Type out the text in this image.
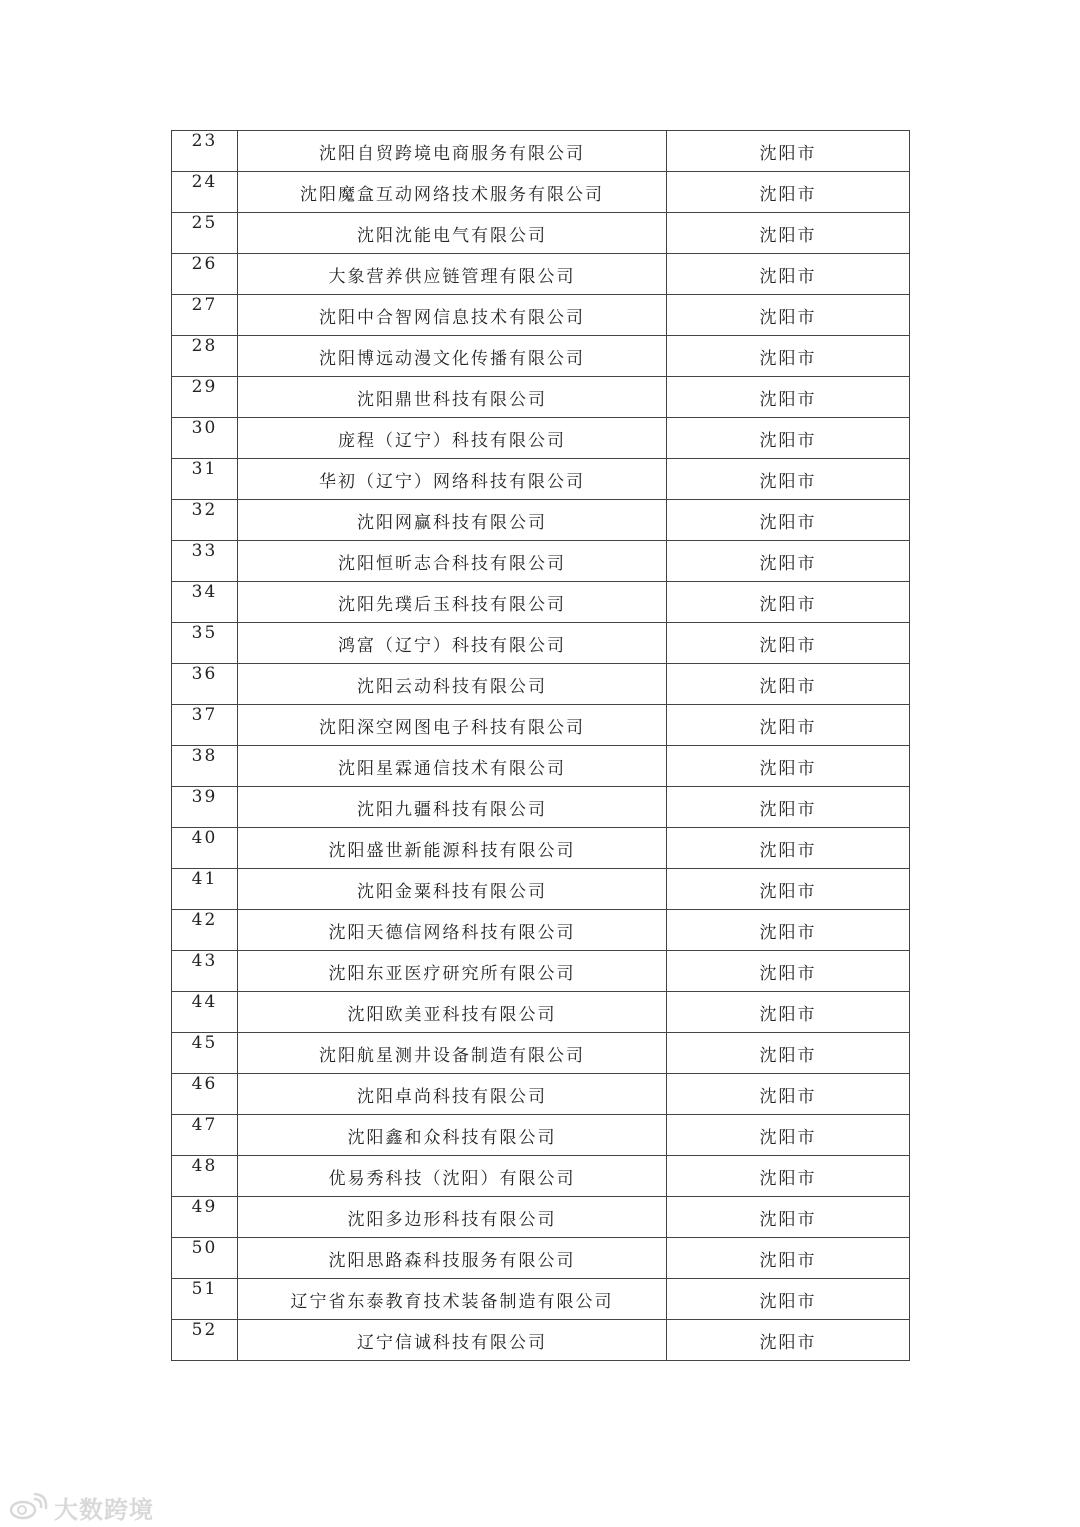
23	沈阳自贸跨境电商服务有限公司	沈阳市
24	沈阳魔盒互动网络技术服务有限公司	沈阳市
25	沈阳沈能电气有限公司	沈阳市
26	大象营养供应链管理有限公司	沈阳市
27	沈阳中合智网信息技术有限公司	沈阳市
28	沈阳博远动漫文化传播有限公司	沈阳市
29	沈阳鼎世科技有限公司	沈阳市
30	庞程（辽宁）科技有限公司	沈阳市
31	华初（辽宁）网络科技有限公司	沈阳市
32	沈阳网赢科技有限公司	沈阳市
33	沈阳恒昕志合科技有限公司	沈阳市
34	沈阳先璞后玉科技有限公司	沈阳市
35	鸿富（辽宁）科技有限公司	沈阳市
36	沈阳云动科技有限公司	沈阳市
37	沈阳深空网图电子科技有限公司	沈阳市
38	沈阳星霖通信技术有限公司	沈阳市
39	沈阳九疆科技有限公司	沈阳市
40	沈阳盛世新能源科技有限公司	沈阳市
41	沈阳金粟科技有限公司	沈阳市
42	沈阳天德信网络科技有限公司	沈阳市
43	沈阳东亚医疗研究所有限公司	沈阳市
44	沈阳欧美亚科技有限公司	沈阳市
45	沈阳航星测井设备制造有限公司	沈阳市
46	沈阳卓尚科技有限公司	沈阳市
47	沈阳鑫和众科技有限公司	沈阳市
48	优易秀科技（沈阳）有限公司	沈阳市
49	沈阳多边形科技有限公司	沈阳市
50	沈阳思路森科技服务有限公司	沈阳市
51	辽宁省东泰教育技术装备制造有限公司	沈阳市
52	辽宁信诚科技有限公司	沈阳市
大数跨境
